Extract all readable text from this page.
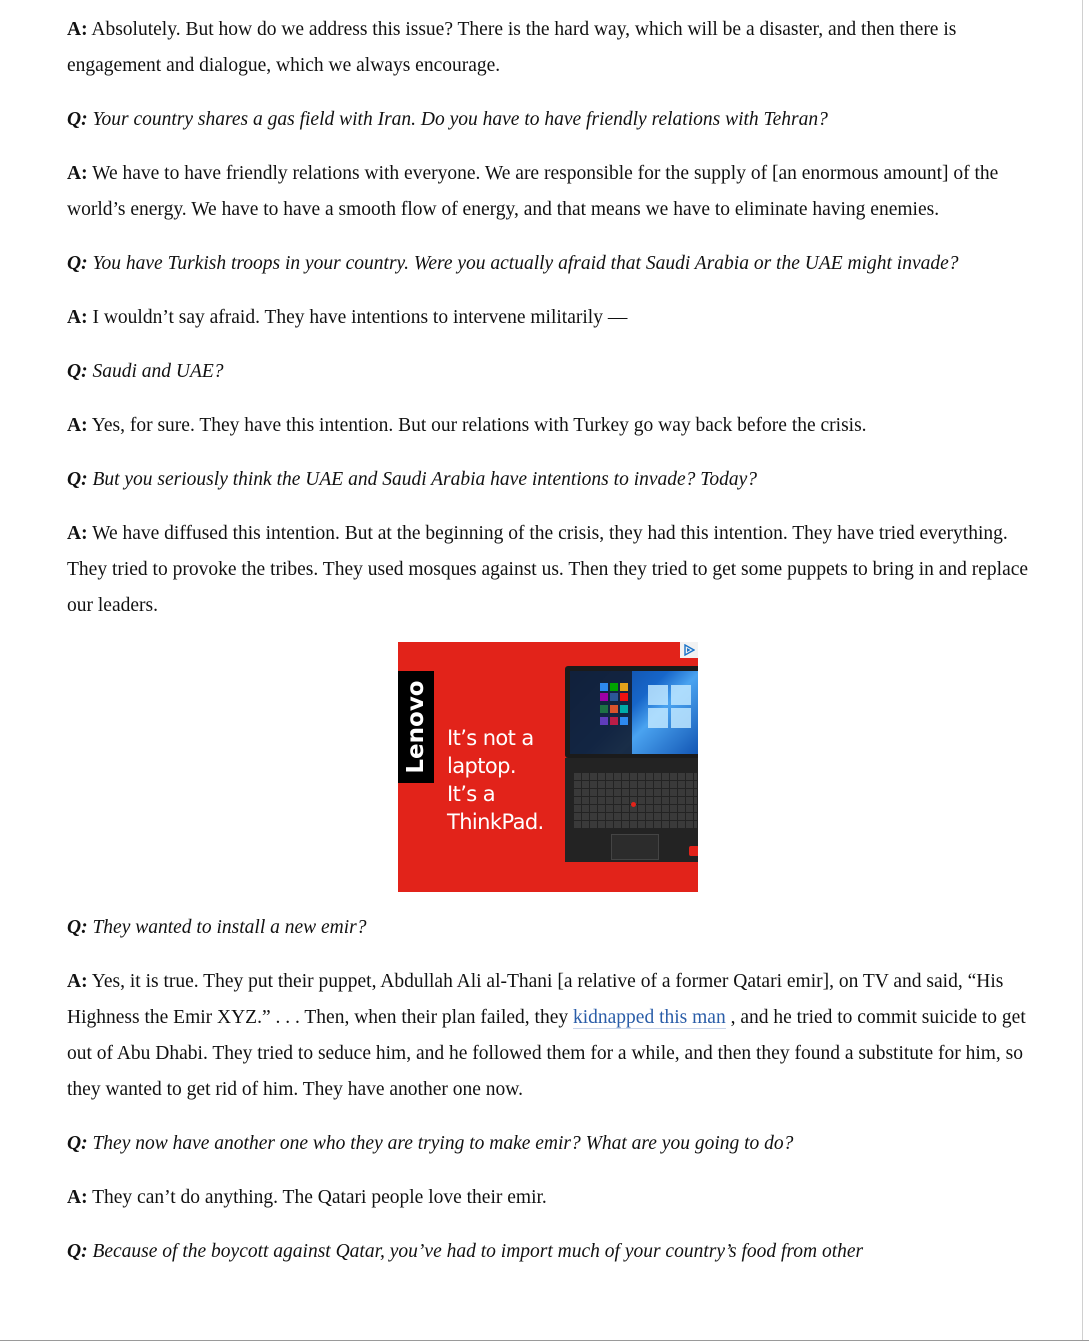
A: Absolutely. But how do we address this issue? There is the hard way, which will be a disaster, and then there is engagement and dialogue, which we always encourage.

Q: Your country shares a gas field with Iran. Do you have to have friendly relations with Tehran?

A: We have to have friendly relations with everyone. We are responsible for the supply of [an enormous amount] of the world’s energy. We have to have a smooth flow of energy, and that means we have to eliminate having enemies.

Q: You have Turkish troops in your country. Were you actually afraid that Saudi Arabia or the UAE might invade?

A: I wouldn’t say afraid. They have intentions to intervene militarily —

Q: Saudi and UAE?

A: Yes, for sure. They have this intention. But our relations with Turkey go way back before the crisis.

Q: But you seriously think the UAE and Saudi Arabia have intentions to invade? Today?

A: We have diffused this intention. But at the beginning of the crisis, they had this intention. They have tried everything. They tried to provoke the tribes. They used mosques against us. Then they tried to get some puppets to bring in and replace our leaders.

Lenovo It’s not a
laptop.
It’s a
ThinkPad.

Q: They wanted to install a new emir?

A: Yes, it is true. They put their puppet, Abdullah Ali al-Thani [a relative of a former Qatari emir], on TV and said, “His Highness the Emir XYZ.” . . . Then, when their plan failed, they kidnapped this man , and he tried to commit suicide to get out of Abu Dhabi. They tried to seduce him, and he followed them for a while, and then they found a substitute for him, so they wanted to get rid of him. They have another one now.

Q: They now have another one who they are trying to make emir? What are you going to do?

A: They can’t do anything. The Qatari people love their emir.

Q: Because of the boycott against Qatar, you’ve had to import much of your country’s food from other
